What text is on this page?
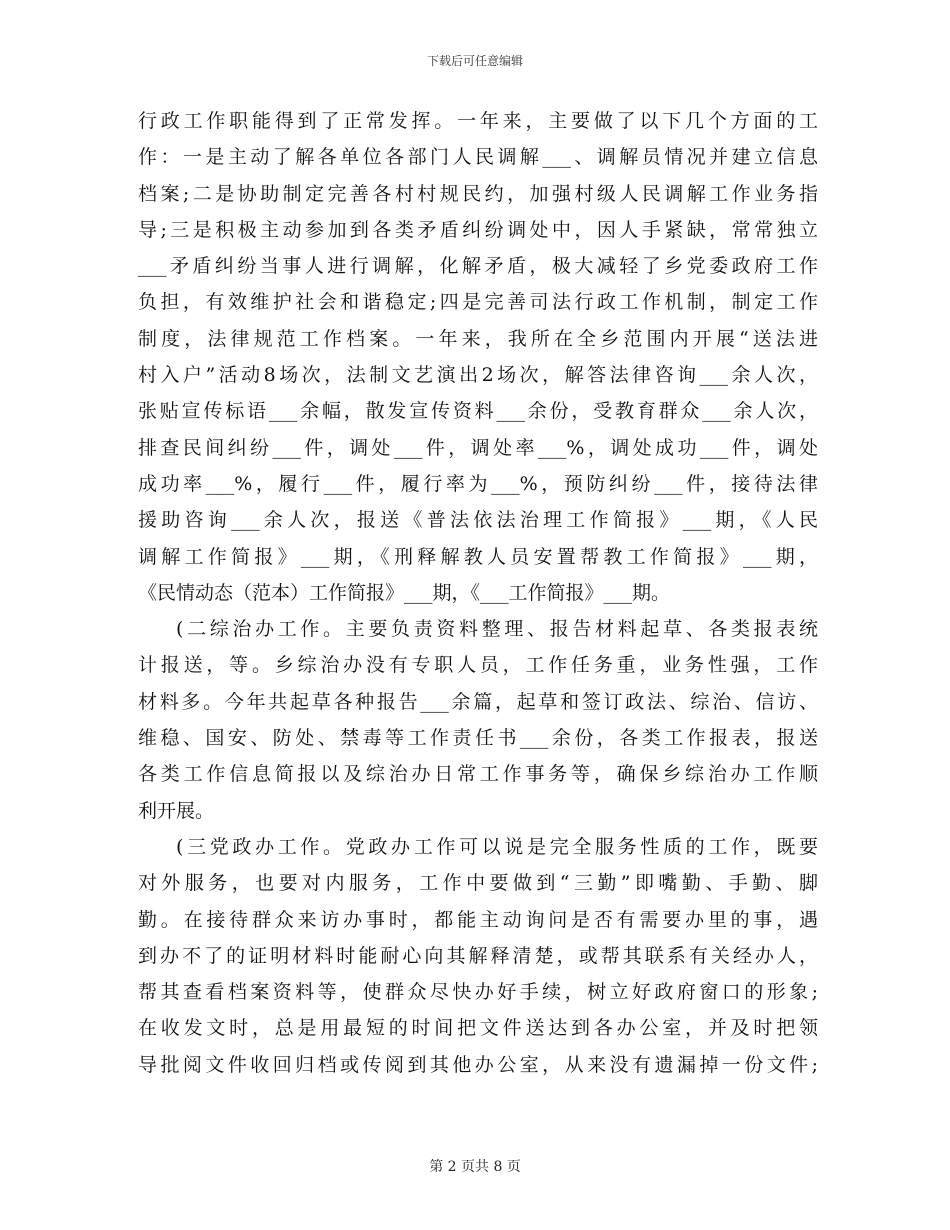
下载后可任意编辑
行政工作职能得到了正常发挥。一年来，主要做了以下几个方面的工
作：一是主动了解各单位各部门人民调解___、调解员情况并建立信息
档案;二是协助制定完善各村村规民约，加强村级人民调解工作业务指
导;三是积极主动参加到各类矛盾纠纷调处中，因人手紧缺，常常独立
___矛盾纠纷当事人进行调解，化解矛盾，极大减轻了乡党委政府工作
负担，有效维护社会和谐稳定;四是完善司法行政工作机制，制定工作
制度，法律规范工作档案。一年来，我所在全乡范围内开展“送法进
村入户”活动8场次，法制文艺演出2场次，解答法律咨询___余人次，
张贴宣传标语___余幅，散发宣传资料___余份，受教育群众___余人次，
排查民间纠纷___件，调处___件，调处率___%，调处成功___件，调处
成功率___%，履行___件，履行率为___%，预防纠纷___件，接待法律
援助咨询___余人次，报送《普法依法治理工作简报》___期，《人民
调解工作简报》___期，《刑释解教人员安置帮教工作简报》___期，
《民情动态（范本）工作简报》___期，《___工作简报》___期。
(二综治办工作。主要负责资料整理、报告材料起草、各类报表统
计报送，等。乡综治办没有专职人员，工作任务重，业务性强，工作
材料多。今年共起草各种报告___余篇，起草和签订政法、综治、信访、
维稳、国安、防处、禁毒等工作责任书___余份，各类工作报表，报送
各类工作信息简报以及综治办日常工作事务等，确保乡综治办工作顺
利开展。
(三党政办工作。党政办工作可以说是完全服务性质的工作，既要
对外服务，也要对内服务，工作中要做到“三勤”即嘴勤、手勤、脚
勤。在接待群众来访办事时，都能主动询问是否有需要办里的事，遇
到办不了的证明材料时能耐心向其解释清楚，或帮其联系有关经办人，
帮其查看档案资料等，使群众尽快办好手续，树立好政府窗口的形象;
在收发文时，总是用最短的时间把文件送达到各办公室，并及时把领
导批阅文件收回归档或传阅到其他办公室，从来没有遗漏掉一份文件;
第 2 页共 8 页
